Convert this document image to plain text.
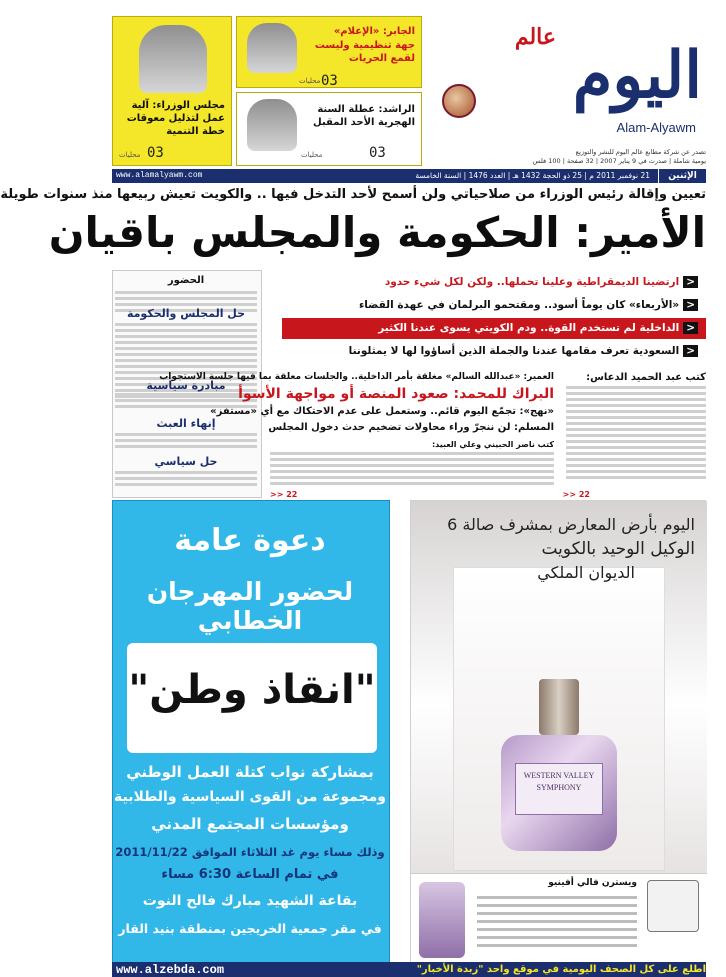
مجلس الوزراء: آلية عمل لتذليل معوقات خطة التنمية
03
محليات
الجابر: «الإعلام»
جهة تنظيمية وليست لقمع الحريات
03
محليات
الراشد: عطلة السنة الهجرية الأحد المقبل
03
محليات
عالم
اليوم
Alam-Alyawm
تصدر عن شركة مطابع عالم اليوم للنشر والتوزيع
يومية شاملة | صدرت في 9 يناير 2007 | 32 صفحة | 100 فلس
21 نوفمبر 2011 م | 25 ذو الحجة 1432 هـ | العدد 1476 | السنة الخامسة	الإثنين
www.alamalyawm.com
تعيين وإقالة رئيس الوزراء من صلاحياتي ولن أسمح لأحد التدخل فيها .. والكويت تعيش ربيعها منذ سنوات طويلة
الأمير: الحكومة والمجلس باقيان
<ارتضينا الديمقراطية وعلينا تحملها.. ولكن لكل شيء حدود
<«الأربعاء» كان يوماً أسود.. ومقتحمو البرلمان في عهدة القضاء
<الداخلية لم تستخدم القوة.. ودم الكويتي يسوى عندنا الكثير
<السعودية تعرف مقامها عندنا والجملة الذين أساؤوا لها لا يمثلوننا
الحضور
حل المجلس والحكومة
مبادرة سياسية
إنهاء العبث
حل سياسي
كتب عبد الحميد الدعاس:
>> 22
العمير: «عبدالله السالم» مغلقة بأمر الداخلية.. والجلسات معلقة بما فيها جلسة الاستجواب
البراك للمحمد: صعود المنصة أو مواجهة الأسوأ
«نهج»: تجمّع اليوم قائم.. وستعمل على عدم الاحتكاك مع أي «مستفز»
المسلم: لن ننجرّ وراء محاولات تضخيم حدث دخول المجلس
كتب ناصر الحبيني وعلي العبيد:
>> 22
دعوة عامة
لحضور المهرجان الخطابي
"انقاذ وطن"
بمشاركة نواب كتلة العمل الوطني
ومجموعة من القوى السياسية والطلابية
ومؤسسات المجتمع المدني
وذلك مساء يوم غد الثلاثاء الموافق 2011/11/22
في تمام الساعة 6:30 مساء
بقاعة الشهيد مبارك فالح النوت
في مقر جمعية الخريجين بمنطقة بنيد القار
اليوم بأرض المعارض بمشرف صالة 6
الوكيل الوحيد بالكويت
الديوان الملكي
WESTERN VALLEY
SYMPHONY
ويسترن فالي أفينيو
www.alzebda.com	اطلع على كل الصحف اليومية في موقع واحد "زبدة الأخبار"
